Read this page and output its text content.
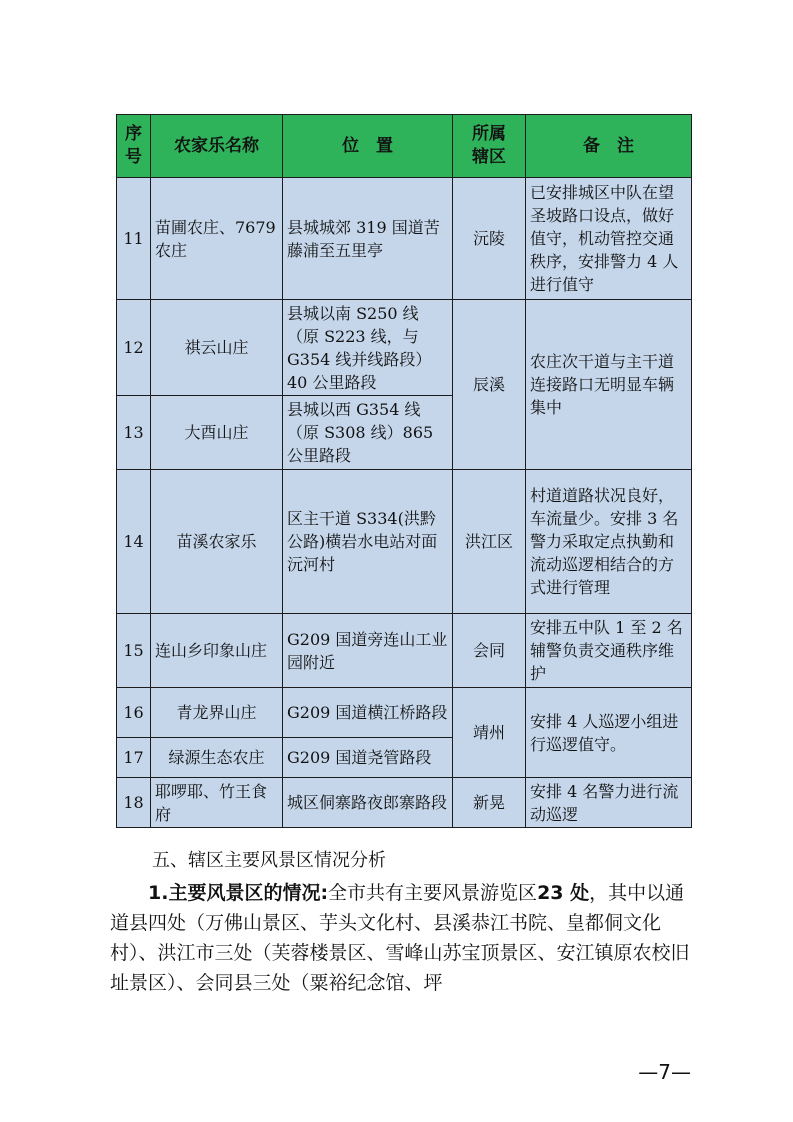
序号	农家乐名称	位　置	所属辖区	备　注
11	苗圃农庄、7679 农庄	县城城郊 319 国道苦藤浦至五里亭	沅陵	已安排城区中队在望圣坡路口设点，做好值守，机动管控交通秩序，安排警力 4 人进行值守
12	祺云山庄	县城以南 S250 线（原 S223 线，与 G354 线并线路段）40 公里路段	辰溪	农庄次干道与主干道连接路口无明显车辆集中
13	大酉山庄	县城以西 G354 线（原 S308 线）865 公里路段		
14	苗溪农家乐	区主干道 S334(洪黔公路)横岩水电站对面沅河村	洪江区	村道道路状况良好，车流量少。安排 3 名警力采取定点执勤和流动巡逻相结合的方式进行管理
15	连山乡印象山庄	G209 国道旁连山工业园附近	会同	安排五中队 1 至 2 名辅警负责交通秩序维护
16	青龙界山庄	G209 国道横江桥路段	靖州	安排 4 人巡逻小组进行巡逻值守。
17	绿源生态农庄	G209 国道尧管路段		
18	耶啰耶、竹王食府	城区侗寨路夜郎寨路段	新晃	安排 4 名警力进行流动巡逻
五、辖区主要风景区情况分析
1.主要风景区的情况:全市共有主要风景游览区23 处，其中以通道县四处（万佛山景区、芋头文化村、县溪恭江书院、皇都侗文化村）、洪江市三处（芙蓉楼景区、雪峰山苏宝顶景区、安江镇原农校旧址景区）、会同县三处（粟裕纪念馆、坪
—7—
